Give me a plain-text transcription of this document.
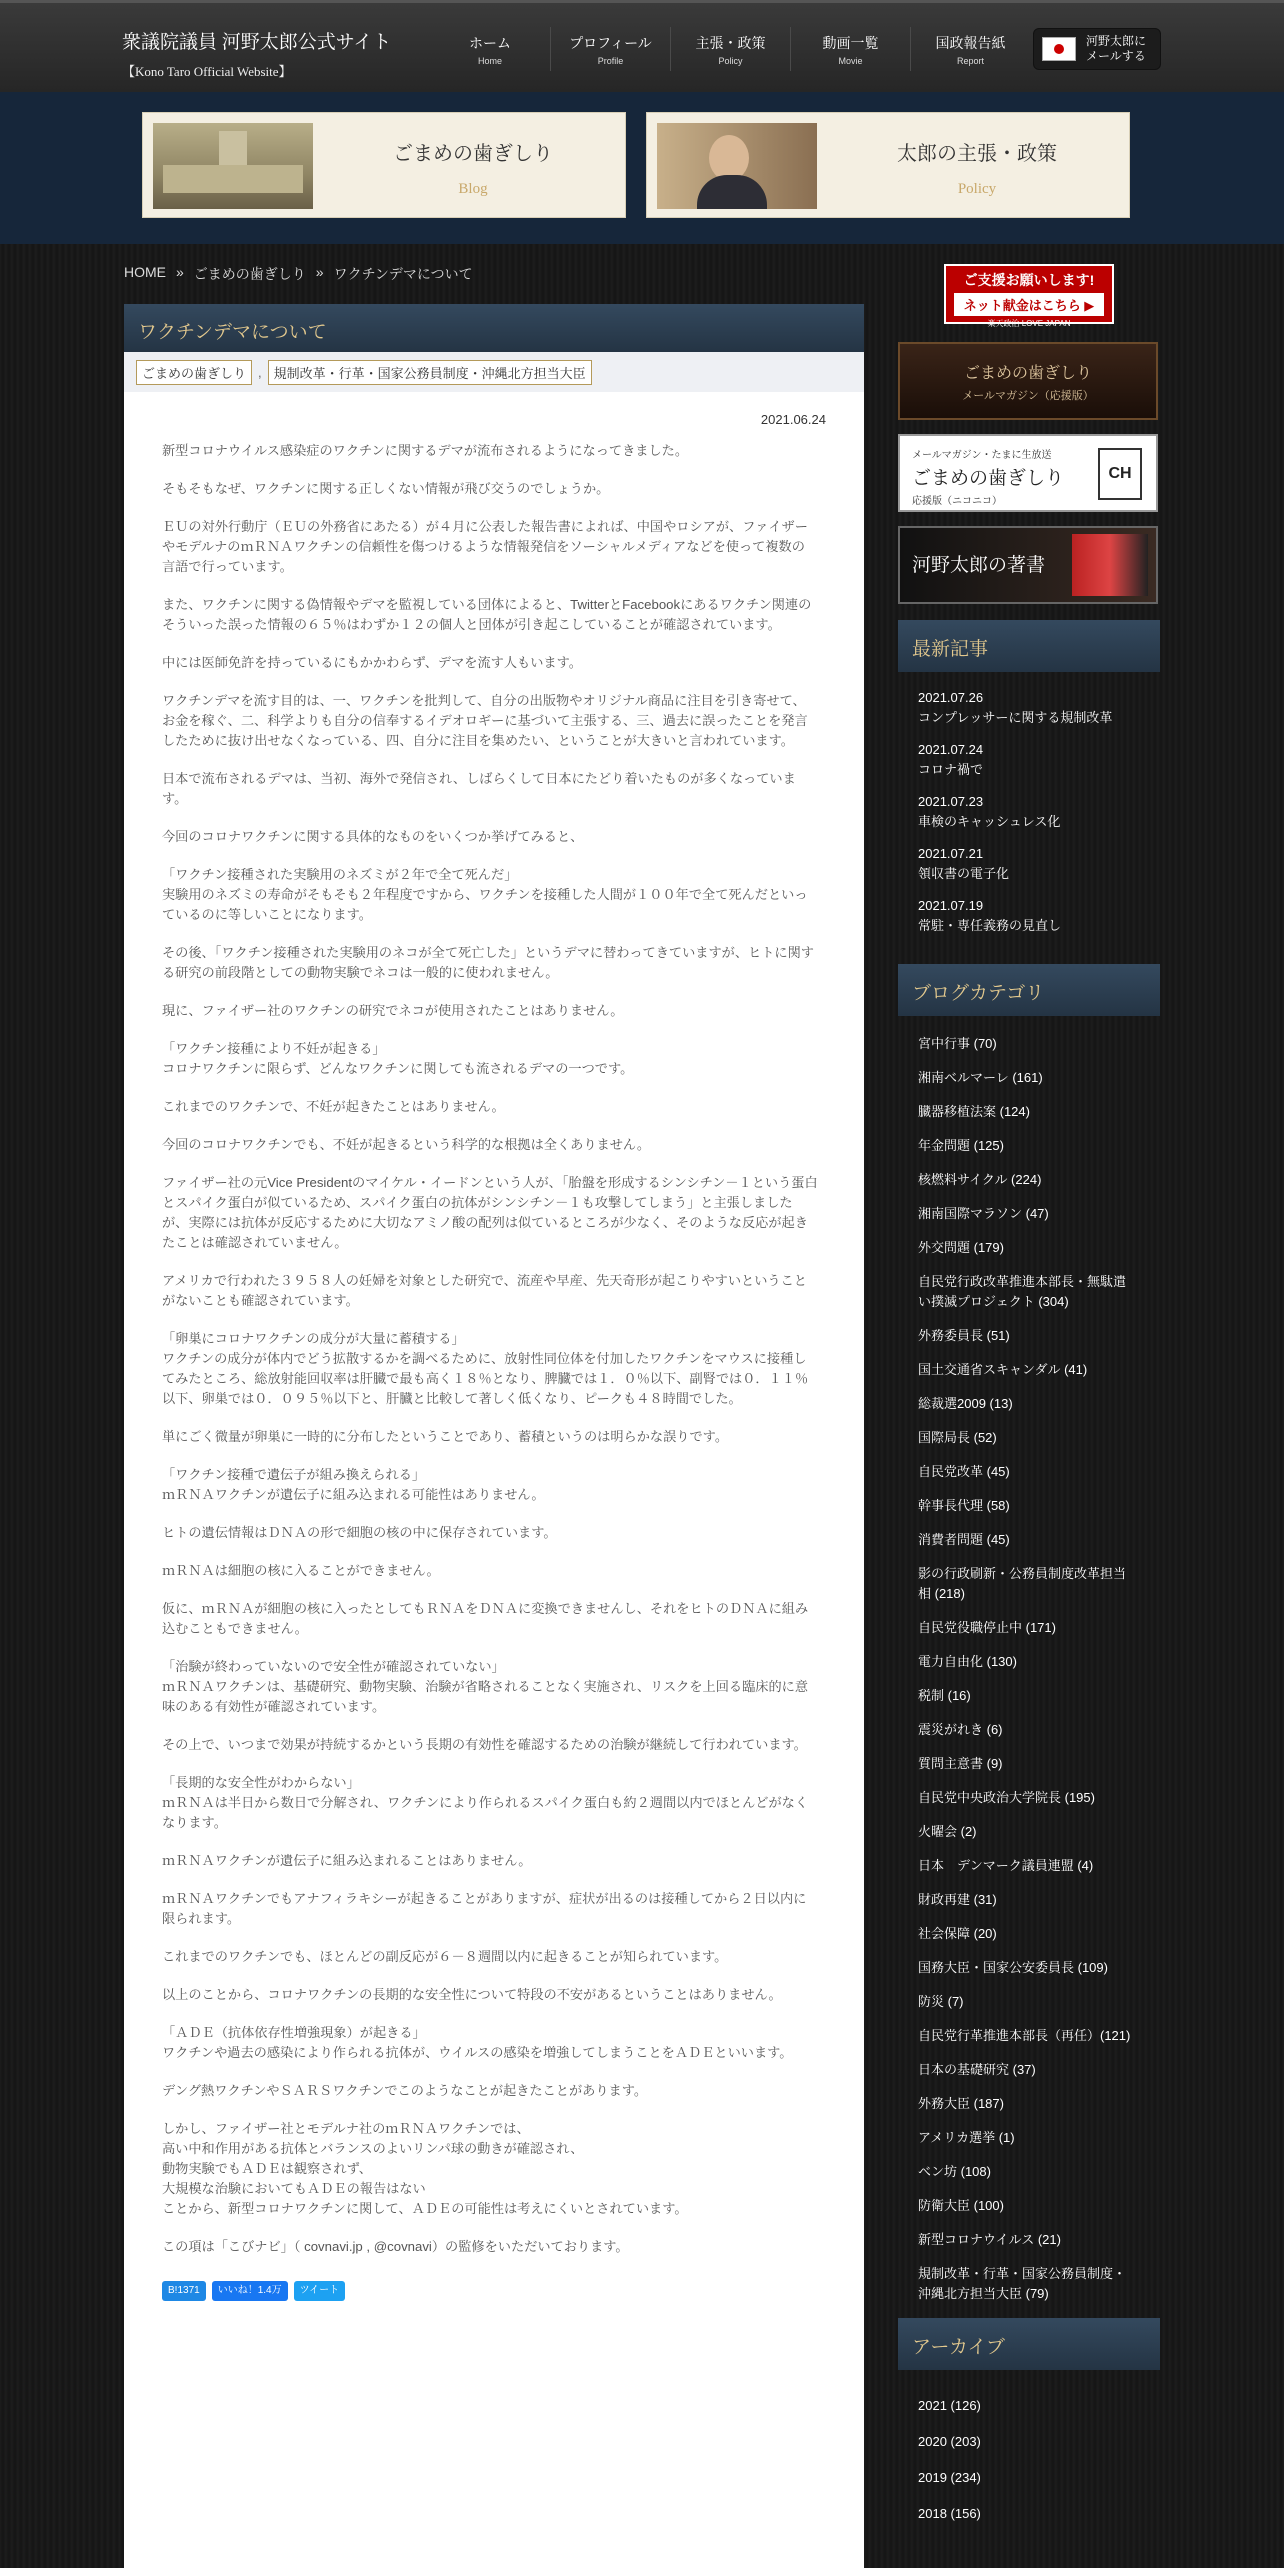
衆議院議員 河野太郎公式サイト
【Kono Taro Official Website】
ホーム
Home
プロフィール
Profile
主張・政策
Policy
動画一覧
Movie
国政報告紙
Report
河野太郎に
メールする
ごまめの歯ぎしり
Blog
太郎の主張・政策
Policy
HOME » ごまめの歯ぎしり » ワクチンデマについて
ワクチンデマについて
ごまめの歯ぎしり , 規制改革・行革・国家公務員制度・沖縄北方担当大臣
2021.06.24

新型コロナウイルス感染症のワクチンに関するデマが流布されるようになってきました。

そもそもなぜ、ワクチンに関する正しくない情報が飛び交うのでしょうか。

ＥＵの対外行動庁（ＥＵの外務省にあたる）が４月に公表した報告書によれば、中国やロシアが、ファイザーやモデルナのｍＲＮＡワクチンの信頼性を傷つけるような情報発信をソーシャルメディアなどを使って複数の言語で行っています。

また、ワクチンに関する偽情報やデマを監視している団体によると、TwitterとFacebookにあるワクチン関連のそういった誤った情報の６５％はわずか１２の個人と団体が引き起こしていることが確認されています。

中には医師免許を持っているにもかかわらず、デマを流す人もいます。

ワクチンデマを流す目的は、一、ワクチンを批判して、自分の出版物やオリジナル商品に注目を引き寄せて、お金を稼ぐ、二、科学よりも自分の信奉するイデオロギーに基づいて主張する、三、過去に誤ったことを発言したために抜け出せなくなっている、四、自分に注目を集めたい、ということが大きいと言われています。

日本で流布されるデマは、当初、海外で発信され、しばらくして日本にたどり着いたものが多くなっています。

今回のコロナワクチンに関する具体的なものをいくつか挙げてみると、

「ワクチン接種された実験用のネズミが２年で全て死んだ」
実験用のネズミの寿命がそもそも２年程度ですから、ワクチンを接種した人間が１００年で全て死んだといっているのに等しいことになります。

その後、「ワクチン接種された実験用のネコが全て死亡した」というデマに替わってきていますが、ヒトに関する研究の前段階としての動物実験でネコは一般的に使われません。

現に、ファイザー社のワクチンの研究でネコが使用されたことはありません。

「ワクチン接種により不妊が起きる」
コロナワクチンに限らず、どんなワクチンに関しても流されるデマの一つです。

これまでのワクチンで、不妊が起きたことはありません。

今回のコロナワクチンでも、不妊が起きるという科学的な根拠は全くありません。

ファイザー社の元Vice Presidentのマイケル・イードンという人が、「胎盤を形成するシンシチン－１という蛋白とスパイク蛋白が似ているため、スパイク蛋白の抗体がシンシチン－１も攻撃してしまう」と主張しましたが、実際には抗体が反応するために大切なアミノ酸の配列は似ているところが少なく、そのような反応が起きたことは確認されていません。

アメリカで行われた３９５８人の妊婦を対象とした研究で、流産や早産、先天奇形が起こりやすいということがないことも確認されています。

「卵巣にコロナワクチンの成分が大量に蓄積する」
ワクチンの成分が体内でどう拡散するかを調べるために、放射性同位体を付加したワクチンをマウスに接種してみたところ、総放射能回収率は肝臓で最も高く１８％となり、脾臓では１．０％以下、副腎では０．１１％以下、卵巣では０．０９５％以下と、肝臓と比較して著しく低くなり、ピークも４８時間でした。

単にごく微量が卵巣に一時的に分布したということであり、蓄積というのは明らかな誤りです。

「ワクチン接種で遺伝子が組み換えられる」
ｍＲＮＡワクチンが遺伝子に組み込まれる可能性はありません。

ヒトの遺伝情報はＤＮＡの形で細胞の核の中に保存されています。

ｍＲＮＡは細胞の核に入ることができません。

仮に、ｍＲＮＡが細胞の核に入ったとしてもＲＮＡをＤＮＡに変換できませんし、それをヒトのＤＮＡに組み込むこともできません。

「治験が終わっていないので安全性が確認されていない」
ｍＲＮＡワクチンは、基礎研究、動物実験、治験が省略されることなく実施され、リスクを上回る臨床的に意味のある有効性が確認されています。

その上で、いつまで効果が持続するかという長期の有効性を確認するための治験が継続して行われています。

「長期的な安全性がわからない」
ｍＲＮＡは半日から数日で分解され、ワクチンにより作られるスパイク蛋白も約２週間以内でほとんどがなくなります。

ｍＲＮＡワクチンが遺伝子に組み込まれることはありません。

ｍＲＮＡワクチンでもアナフィラキシーが起きることがありますが、症状が出るのは接種してから２日以内に限られます。

これまでのワクチンでも、ほとんどの副反応が６－８週間以内に起きることが知られています。

以上のことから、コロナワクチンの長期的な安全性について特段の不安があるということはありません。

「ＡＤＥ（抗体依存性増強現象）が起きる」
ワクチンや過去の感染により作られる抗体が、ウイルスの感染を増強してしまうことをＡＤＥといいます。

デング熱ワクチンやＳＡＲＳワクチンでこのようなことが起きたことがあります。

しかし、ファイザー社とモデルナ社のｍＲＮＡワクチンでは、
高い中和作用がある抗体とバランスのよいリンパ球の動きが確認され、
動物実験でもＡＤＥは観察されず、
大規模な治験においてもＡＤＥの報告はない
ことから、新型コロナワクチンに関して、ＡＤＥの可能性は考えにくいとされています。

この項は「こびナビ」（ covnavi.jp , @covnavi）の監修をいただいております。

B!1371	いいね！1.4万	ツイート
ご支援お願いします!
ネット献金はこちら ▶
楽天政治 LOVE JAPAN
ごまめの歯ぎしり
メールマガジン（応援版）
メールマガジン・たまに生放送
ごまめの歯ぎしり
応援版（ニコニコ）
CH
河野太郎の著書
最新記事
2021.07.26
コンプレッサーに関する規制改革
2021.07.24
コロナ禍で
2021.07.23
車検のキャッシュレス化
2021.07.21
領収書の電子化
2021.07.19
常駐・専任義務の見直し
ブログカテゴリ
宮中行事 (70)
湘南ベルマーレ (161)
臓器移植法案 (124)
年金問題 (125)
核燃料サイクル (224)
湘南国際マラソン (47)
外交問題 (179)
自民党行政改革推進本部長・無駄遣い撲滅プロジェクト (304)
外務委員長 (51)
国土交通省スキャンダル (41)
総裁選2009 (13)
国際局長 (52)
自民党改革 (45)
幹事長代理 (58)
消費者問題 (45)
影の行政刷新・公務員制度改革担当相 (218)
自民党役職停止中 (171)
電力自由化 (130)
税制 (16)
震災がれき (6)
質問主意書 (9)
自民党中央政治大学院長 (195)
火曜会 (2)
日本　デンマーク議員連盟 (4)
財政再建 (31)
社会保障 (20)
国務大臣・国家公安委員長 (109)
防災 (7)
自民党行革推進本部長（再任）(121)
日本の基礎研究 (37)
外務大臣 (187)
アメリカ選挙 (1)
ベン坊 (108)
防衛大臣 (100)
新型コロナウイルス (21)
規制改革・行革・国家公務員制度・沖縄北方担当大臣 (79)
アーカイブ
2021 (126)
2020 (203)
2019 (234)
2018 (156)
